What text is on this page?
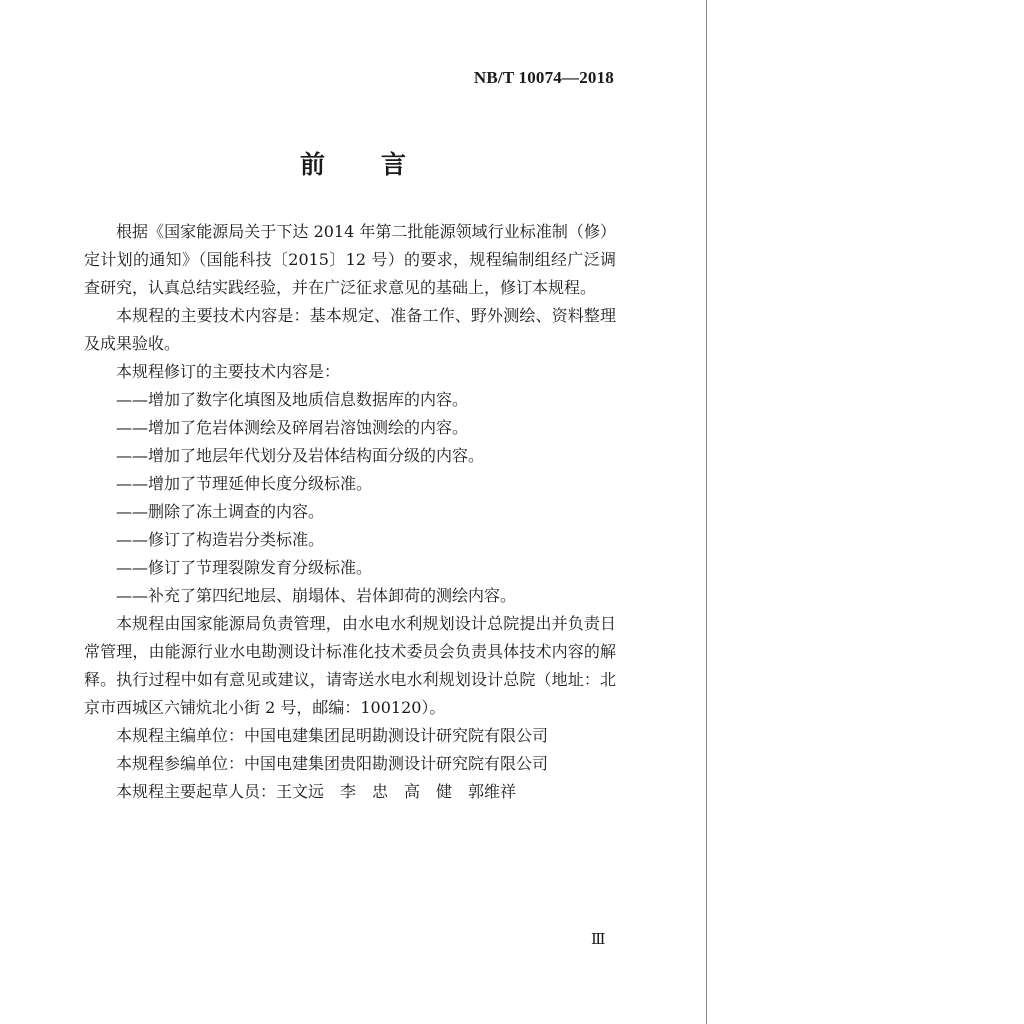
NB/T 10074—2018
前 言

根据《国家能源局关于下达 2014 年第二批能源领域行业标准制（修）定计划的通知》（国能科技〔2015〕12 号）的要求，规程编制组经广泛调查研究，认真总结实践经验，并在广泛征求意见的基础上，修订本规程。

本规程的主要技术内容是：基本规定、准备工作、野外测绘、资料整理及成果验收。

本规程修订的主要技术内容是：

——增加了数字化填图及地质信息数据库的内容。

——增加了危岩体测绘及碎屑岩溶蚀测绘的内容。

——增加了地层年代划分及岩体结构面分级的内容。

——增加了节理延伸长度分级标准。

——删除了冻土调查的内容。

——修订了构造岩分类标准。

——修订了节理裂隙发育分级标准。

——补充了第四纪地层、崩塌体、岩体卸荷的测绘内容。

本规程由国家能源局负责管理，由水电水利规划设计总院提出并负责日常管理，由能源行业水电勘测设计标准化技术委员会负责具体技术内容的解释。执行过程中如有意见或建议，请寄送水电水利规划设计总院（地址：北京市西城区六铺炕北小街 2 号，邮编：100120）。

本规程主编单位： 中国电建集团昆明勘测设计研究院有限公司
本规程参编单位： 中国电建集团贵阳勘测设计研究院有限公司
本规程主要起草人员： 王文远　李　忠　高　健　郭维祥
Ⅲ
